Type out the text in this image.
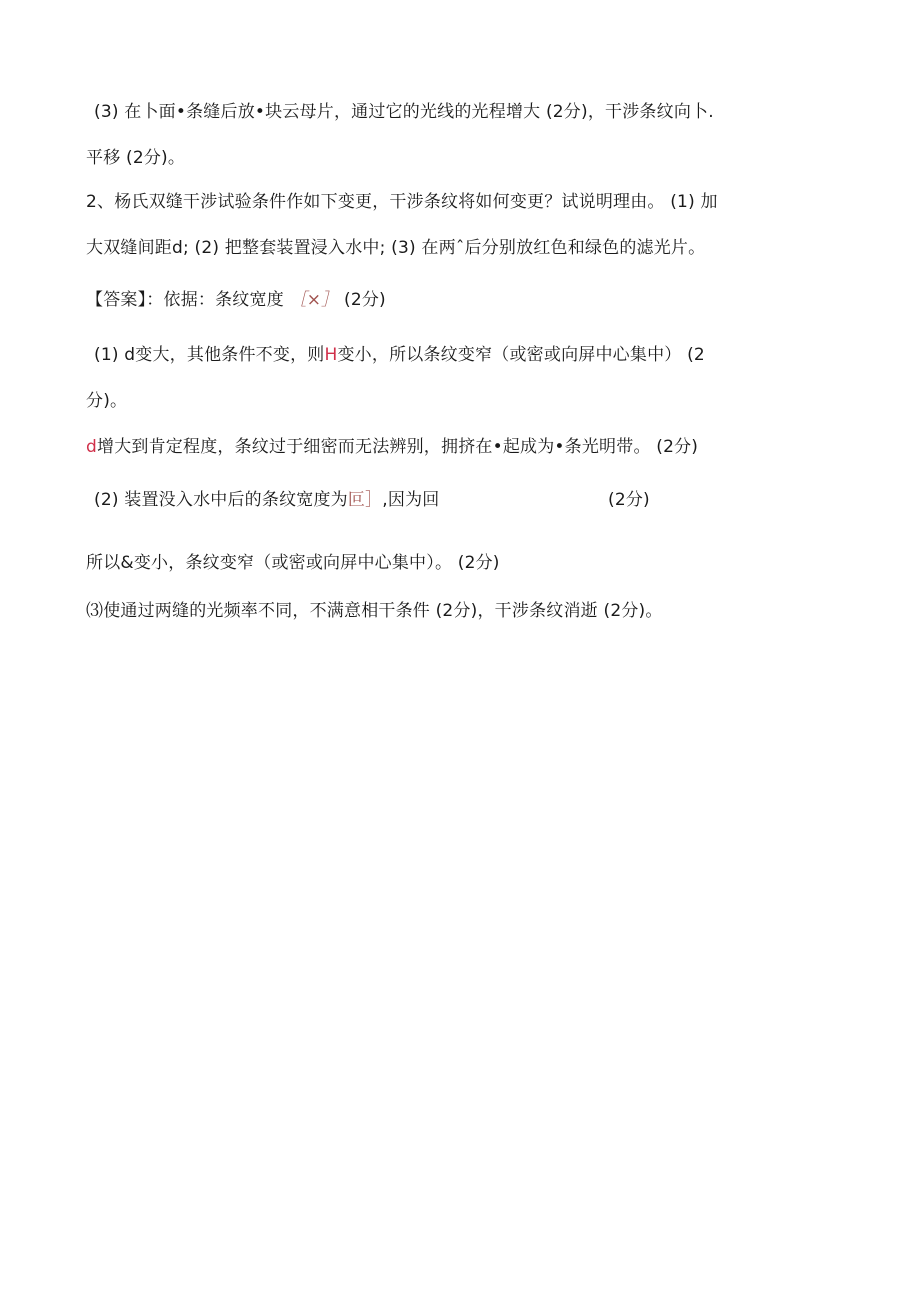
(3) 在卜面•条缝后放•块云母片，通过它的光线的光程增大 (2分)，干涉条纹向卜.
平移 (2分)。
2、杨氏双缝干涉试验条件作如下变更，干涉条纹将如何变更？试说明理由。 (1) 加
大双缝间距d; (2) 把整套装置浸入水中; (3) 在两ˆ后分别放红色和绿色的滤光片。
【答案】：依据：条纹宽度 ［×］ (2分)
(1) d变大，其他条件不变，则H变小，所以条纹变窄（或密或向屏中心集中） (2
分)。
d增大到肯定程度，条纹过于细密而无法辨别，拥挤在•起成为•条光明带。 (2分)
(2) 装置没入水中后的条纹宽度为叵］,因为回	(2分)
所以&变小，条纹变窄（或密或向屏中心集中）。 (2分)
⑶使通过两缝的光频率不同，不满意相干条件 (2分)，干涉条纹消逝 (2分)。
